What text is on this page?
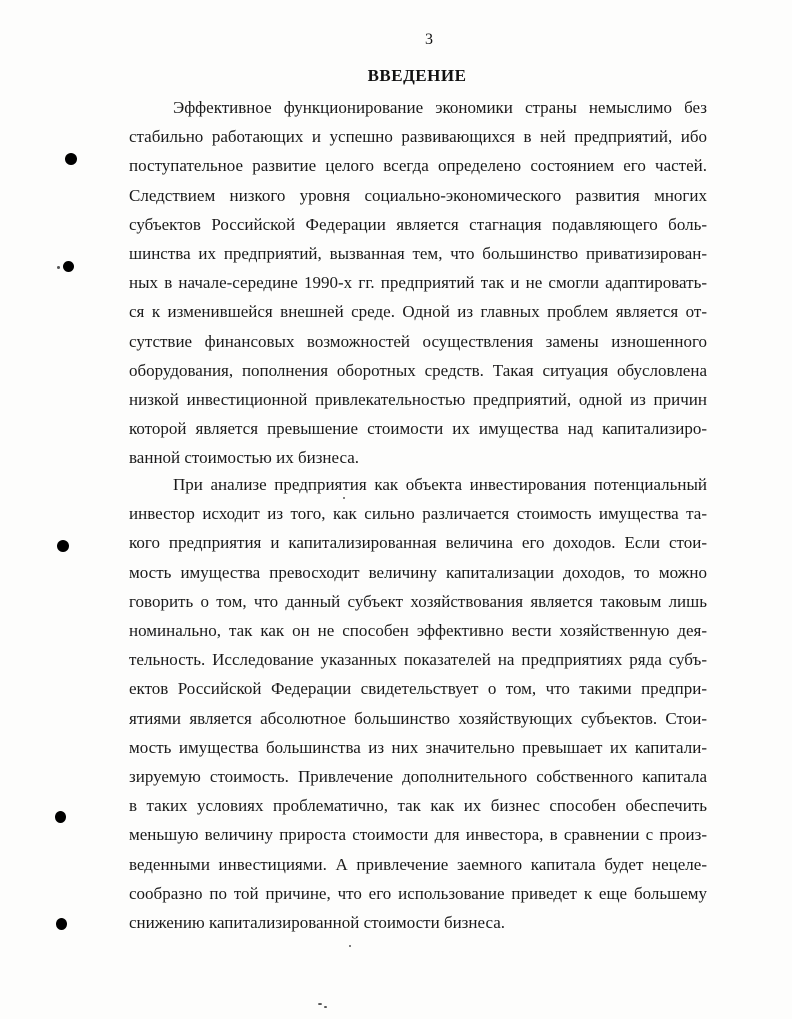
3
ВВЕДЕНИЕ
Эффективное функционирование экономики страны немыслимо без
стабильно работающих и успешно развивающихся в ней предприятий, ибо
поступательное развитие целого всегда определено состоянием его частей.
Следствием низкого уровня социально-экономического развития многих
субъектов Российской Федерации является стагнация подавляющего боль-
шинства их предприятий, вызванная тем, что большинство приватизирован-
ных в начале-середине 1990-х гг. предприятий так и не смогли адаптировать-
ся к изменившейся внешней среде. Одной из главных проблем является от-
сутствие финансовых возможностей осуществления замены изношенного
оборудования, пополнения оборотных средств. Такая ситуация обусловлена
низкой инвестиционной привлекательностью предприятий, одной из причин
которой является превышение стоимости их имущества над капитализиро-
ванной стоимостью их бизнеса.
При анализе предприятия как объекта инвестирования потенциальный
инвестор исходит из того, как сильно различается стоимость имущества та-
кого предприятия и капитализированная величина его доходов. Если стои-
мость имущества превосходит величину капитализации доходов, то можно
говорить о том, что данный субъект хозяйствования является таковым лишь
номинально, так как он не способен эффективно вести хозяйственную дея-
тельность. Исследование указанных показателей на предприятиях ряда субъ-
ектов Российской Федерации свидетельствует о том, что такими предпри-
ятиями является абсолютное большинство хозяйствующих субъектов. Стои-
мость имущества большинства из них значительно превышает их капитали-
зируемую стоимость. Привлечение дополнительного собственного капитала
в таких условиях проблематично, так как их бизнес способен обеспечить
меньшую величину прироста стоимости для инвестора, в сравнении с произ-
веденными инвестициями. А привлечение заемного капитала будет нецеле-
сообразно по той причине, что его использование приведет к еще большему
снижению капитализированной стоимости бизнеса.
